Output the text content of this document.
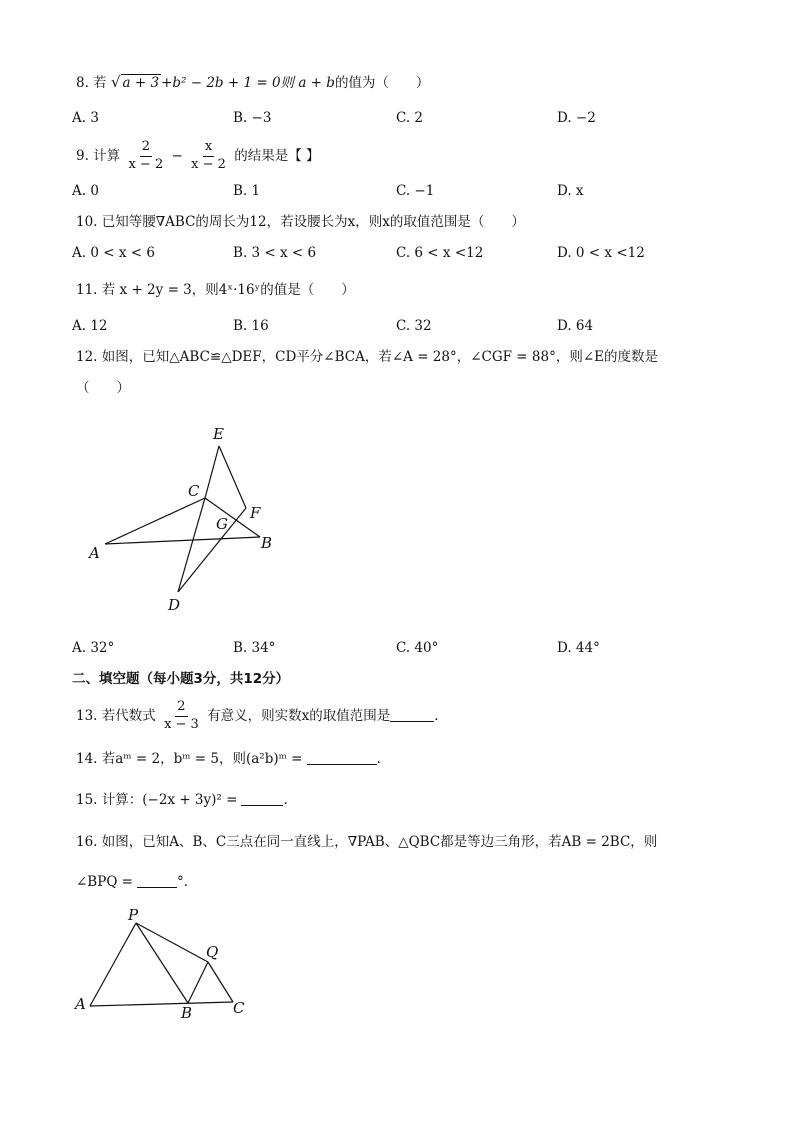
8. 若 √ a + 3 +b² − 2b + 1 = 0则 a + b的值为（　　）
A. 3	B. −3	C. 2	D. −2
9. 计算 $\frac{2}{x - 2} - \frac{x}{x - 2}$ 的结果是【 】
A. 0	B. 1	C. −1	D. x
10. 已知等腰∇ABC的周长为12，若设腰长为x，则x的取值范围是（　　）
A. 0 < x < 6	B. 3 < x < 6	C. 6 < x <12	D. 0 < x <12
11. 若 x + 2y = 3，则4ˣ·16ʸ的值是（　　）
A. 12	B. 16	C. 32	D. 64
12. 如图，已知△ABC≌△DEF，CD平分∠BCA，若∠A = 28°，∠CGF = 88°，则∠E的度数是
（　　）
E
C
F
G
A
B
D
A. 32°	B. 34°	C. 40°	D. 44°
二、填空题（每小题3分，共12分）
13. 若代数式 $\frac{2}{x - 3}$ 有意义，则实数x的取值范围是	.
14. 若aᵐ = 2，bᵐ = 5，则(a²b)ᵐ =	.
15. 计算：(−2x + 3y)² =	.
16. 如图，已知A、B、C三点在同一直线上，∇PAB、△QBC都是等边三角形，若AB = 2BC，则
∠BPQ =	°.
P
Q
A	B	C
